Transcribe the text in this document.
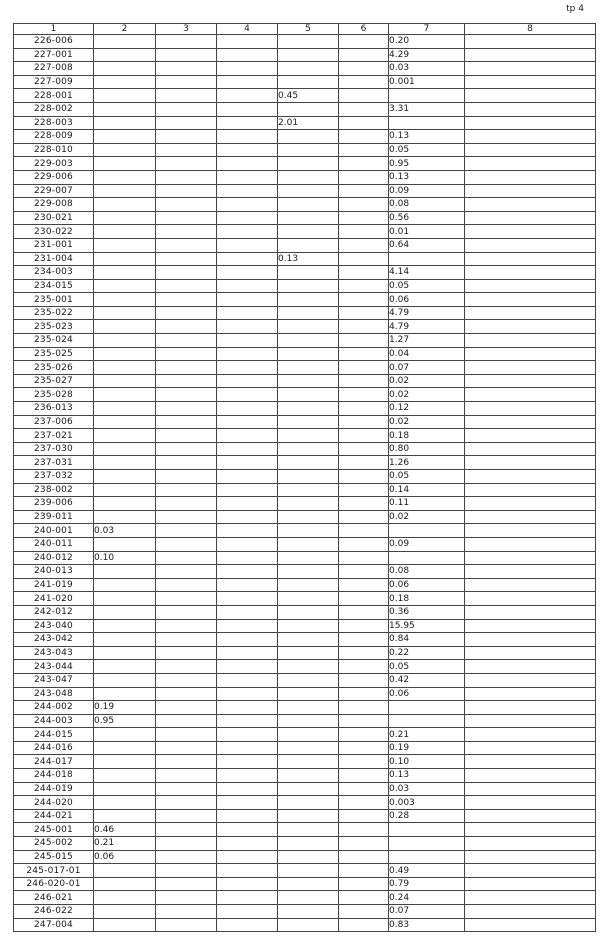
tp 4
1	2	3	4	5	6	7	8
226-006						0.20	
227-001						4.29	
227-008						0.03	
227-009						0.001	
228-001				0.45			
228-002						3.31	
228-003				2.01			
228-009						0.13	
228-010						0.05	
229-003						0.95	
229-006						0.13	
229-007						0.09	
229-008						0.08	
230-021						0.56	
230-022						0.01	
231-001						0.64	
231-004				0.13			
234-003						4.14	
234-015						0.05	
235-001						0.06	
235-022						4.79	
235-023						4.79	
235-024						1.27	
235-025						0.04	
235-026						0.07	
235-027						0.02	
235-028						0.02	
236-013						0.12	
237-006						0.02	
237-021						0.18	
237-030						0.80	
237-031						1.26	
237-032						0.05	
238-002						0.14	
239-006						0.11	
239-011						0.02	
240-001	0.03						
240-011						0.09	
240-012	0.10						
240-013						0.08	
241-019						0.06	
241-020						0.18	
242-012						0.36	
243-040						15.95	
243-042						0.84	
243-043						0.22	
243-044						0.05	
243-047						0.42	
243-048						0.06	
244-002	0.19						
244-003	0.95						
244-015						0.21	
244-016						0.19	
244-017						0.10	
244-018						0.13	
244-019						0.03	
244-020						0.003	
244-021						0.28	
245-001	0.46						
245-002	0.21						
245-015	0.06						
245-017-01						0.49	
246-020-01						0.79	
246-021						0.24	
246-022						0.07	
247-004						0.83	
